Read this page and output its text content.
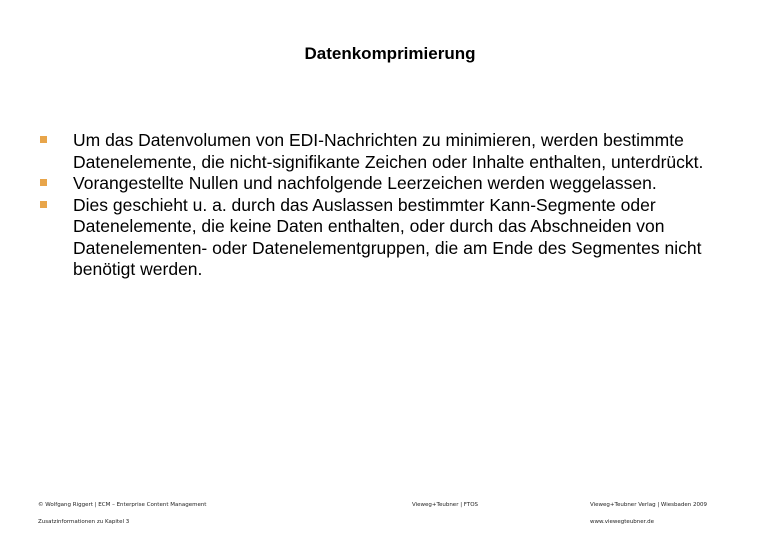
Datenkomprimierung
Um das Datenvolumen von EDI-Nachrichten zu minimieren, werden bestimmte Datenelemente, die nicht-signifikante Zeichen oder Inhalte enthalten, unterdrückt.
Vorangestellte Nullen und nachfolgende Leerzeichen werden weggelassen.
Dies geschieht u. a. durch das Auslassen bestimmter Kann-Segmente oder Datenelemente, die keine Daten enthalten, oder durch das Abschneiden von Datenelementen- oder Datenelementgruppen, die am Ende des Segmentes nicht benötigt werden.
© Wolfgang Riggert | ECM – Enterprise Content Management
Zusatzinformationen zu Kapitel 3
Vieweg+Teubner | FTOS	Vieweg+Teubner Verlag | Wiesbaden 2009
www.viewegteubner.de
